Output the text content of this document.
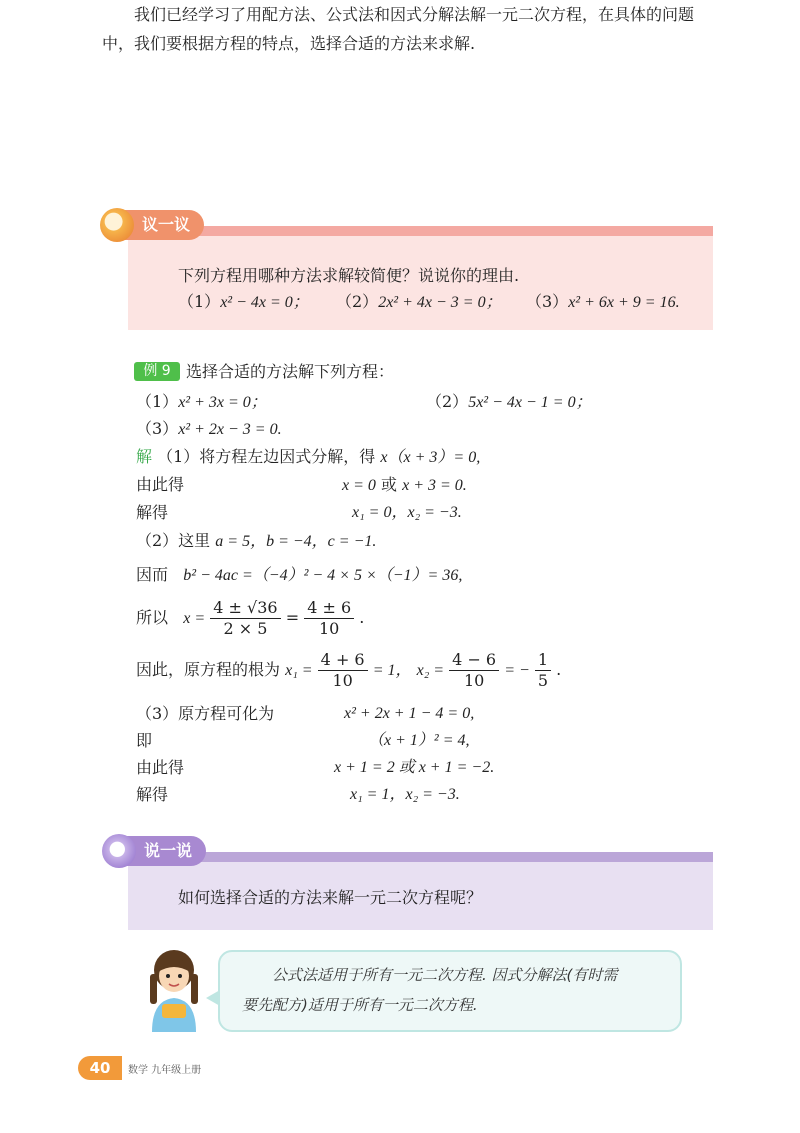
我们已经学习了用配方法、公式法和因式分解法解一元二次方程，在具体的问题中，我们要根据方程的特点，选择合适的方法来求解.

议一议
下列方程用哪种方法求解较简便？说说你的理由.
（1）x² − 4x = 0； （2）2x² + 4x − 3 = 0； （3）x² + 6x + 9 = 16.
例 9 选择合适的方法解下列方程：
（1）x² + 3x = 0；	（2）5x² − 4x − 1 = 0；
（3）x² + 2x − 3 = 0.
解 （1）将方程左边因式分解，得 x（x + 3）= 0,
由此得	x = 0 或 x + 3 = 0.
解得	x₁ = 0，x₂ = −3.
（2）这里 a = 5，b = −4，c = −1.
因而 b² − 4ac =（−4）² − 4 × 5 ×（−1）= 36,
所以 $x = \frac{4 \pm √36}{2 \times 5} = \frac{4 \pm 6}{10}$ .
因此，原方程的根为 $x_1 = \frac{4 + 6}{10} = 1$， $x_2 = \frac{4 - 6}{10}$ = − $\frac{1}{5}$ .
（3）原方程可化为	x² + 2x + 1 − 4 = 0,
即	（x + 1）² = 4,
由此得	x + 1 = 2 或 x + 1 = −2.
解得	x₁ = 1，x₂ = −3.
说一说
如何选择合适的方法来解一元二次方程呢？
公式法适用于所有一元二次方程. 因式分解法(有时需
要先配方)适用于所有一元二次方程.
40	数学 九年级上册
